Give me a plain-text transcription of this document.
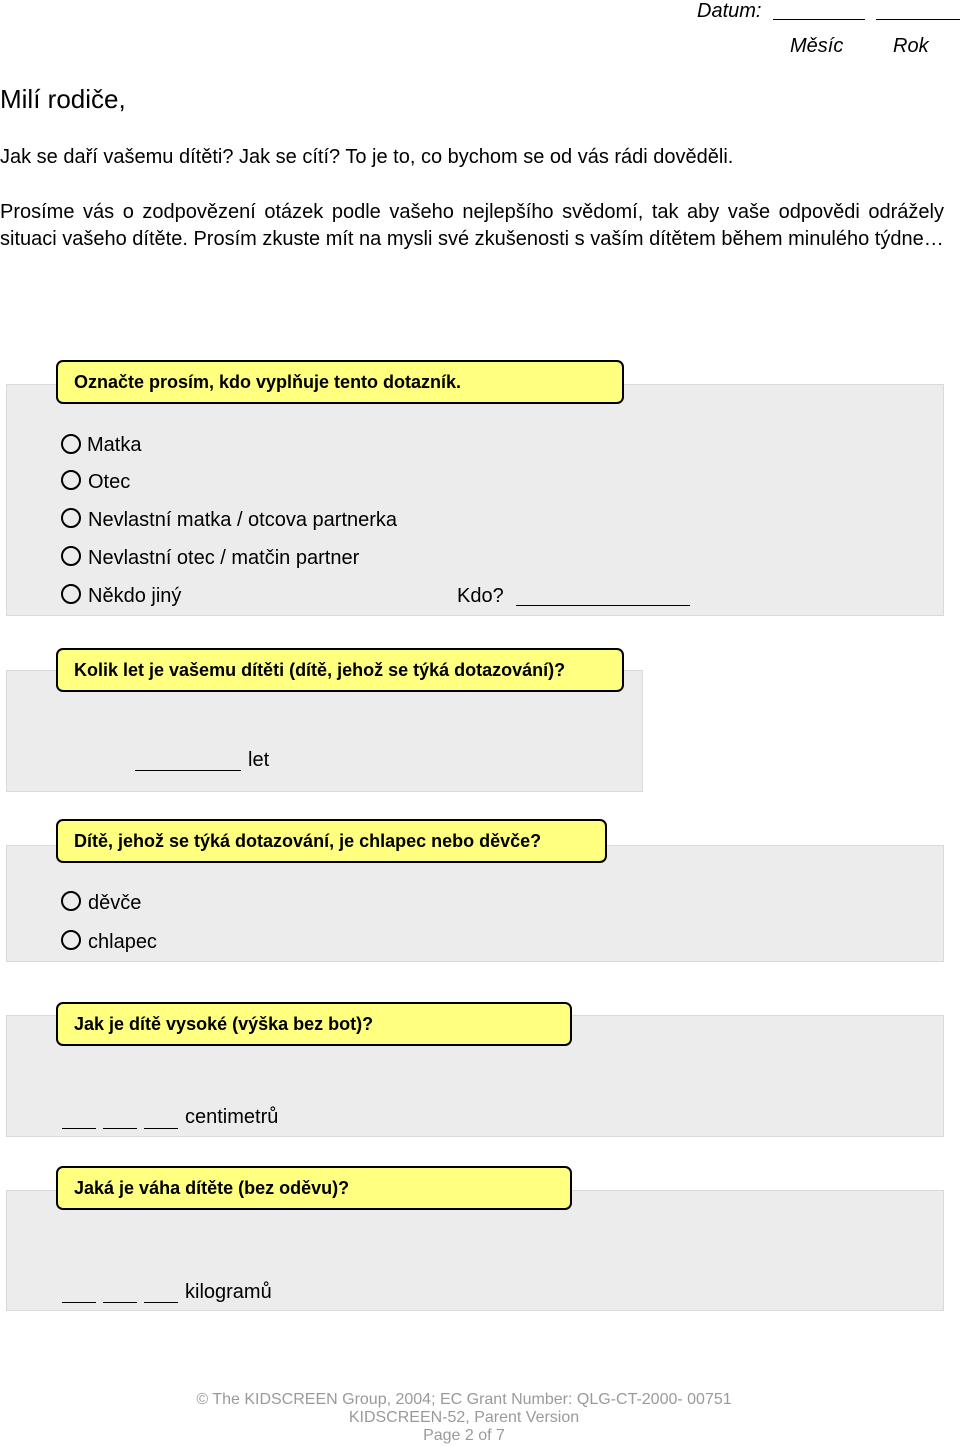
Datum:
Měsíc Rok
Milí rodiče,
Jak se daří vašemu dítěti? Jak se cítí? To je to, co bychom se od vás rádi dověděli.
Prosíme vás o zodpovězení otázek podle vašeho nejlepšího svědomí, tak aby vaše odpovědi odrážely situaci vašeho dítěte. Prosím zkuste mít na mysli své zkušenosti s vaším dítětem během minulého týdne…
Označte prosím, kdo vyplňuje tento dotazník.
Matka
Otec
Nevlastní matka / otcova partnerka
Nevlastní otec / matčin partner
Někdo jiný	Kdo?
Kolik let je vašemu dítěti (dítě, jehož se týká dotazování)?
let
Dítě, jehož se týká dotazování, je chlapec nebo děvče?
děvče
chlapec
Jak je dítě vysoké (výška bez bot)?
centimetrů
Jaká je váha dítěte (bez oděvu)?
kilogramů
© The KIDSCREEN Group, 2004; EC Grant Number: QLG-CT-2000- 00751
KIDSCREEN-52, Parent Version
Page 2 of 7
